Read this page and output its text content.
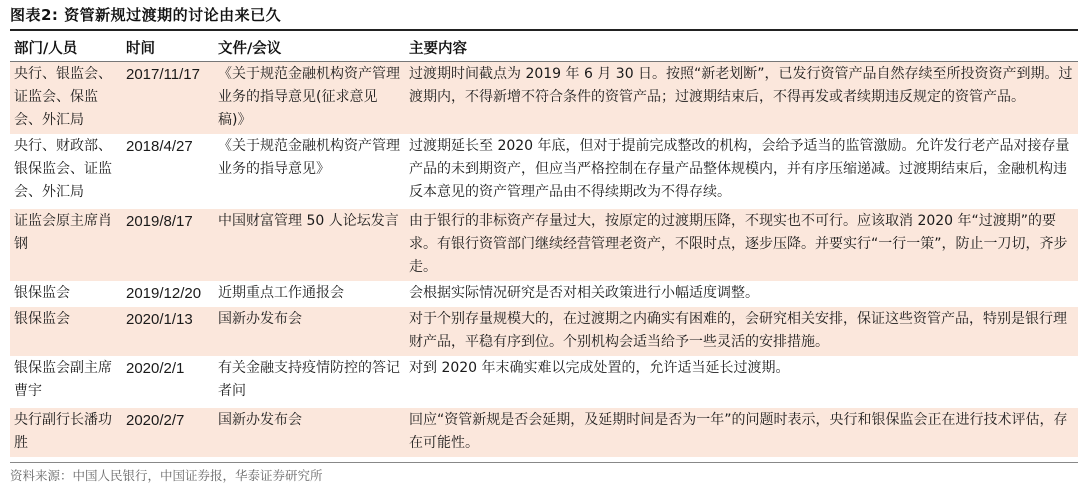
图表2: 资管新规过渡期的讨论由来已久
部门/人员	时间	文件/会议	主要内容
央行、银监会、证监会、保监会、外汇局	2017/11/17	《关于规范金融机构资产管理业务的指导意见(征求意见稿)》	过渡期时间截点为 2019 年 6 月 30 日。按照“新老划断”，已发行资管产品自然存续至所投资资产到期。过渡期内，不得新增不符合条件的资管产品；过渡期结束后，不得再发或者续期违反规定的资管产品。
央行、财政部、银保监会、证监会、外汇局	2018/4/27	《关于规范金融机构资产管理业务的指导意见》	过渡期延长至 2020 年底，但对于提前完成整改的机构，会给予适当的监管激励。允许发行老产品对接存量产品的未到期资产，但应当严格控制在存量产品整体规模内，并有序压缩递减。过渡期结束后，金融机构违反本意见的资产管理产品由不得续期改为不得存续。
证监会原主席肖钢	2019/8/17	中国财富管理 50 人论坛发言	由于银行的非标资产存量过大，按原定的过渡期压降，不现实也不可行。应该取消 2020 年“过渡期”的要求。有银行资管部门继续经营管理老资产，不限时点，逐步压降。并要实行“一行一策”，防止一刀切，齐步走。
银保监会	2019/12/20	近期重点工作通报会	会根据实际情况研究是否对相关政策进行小幅适度调整。
银保监会	2020/1/13	国新办发布会	对于个别存量规模大的，在过渡期之内确实有困难的，会研究相关安排，保证这些资管产品，特别是银行理财产品，平稳有序到位。个别机构会适当给予一些灵活的安排措施。
银保监会副主席曹宇	2020/2/1	有关金融支持疫情防控的答记者问	对到 2020 年末确实难以完成处置的，允许适当延长过渡期。
央行副行长潘功胜	2020/2/7	国新办发布会	回应“资管新规是否会延期，及延期时间是否为一年”的问题时表示，央行和银保监会正在进行技术评估，存在可能性。
资料来源：中国人民银行，中国证券报，华泰证券研究所
